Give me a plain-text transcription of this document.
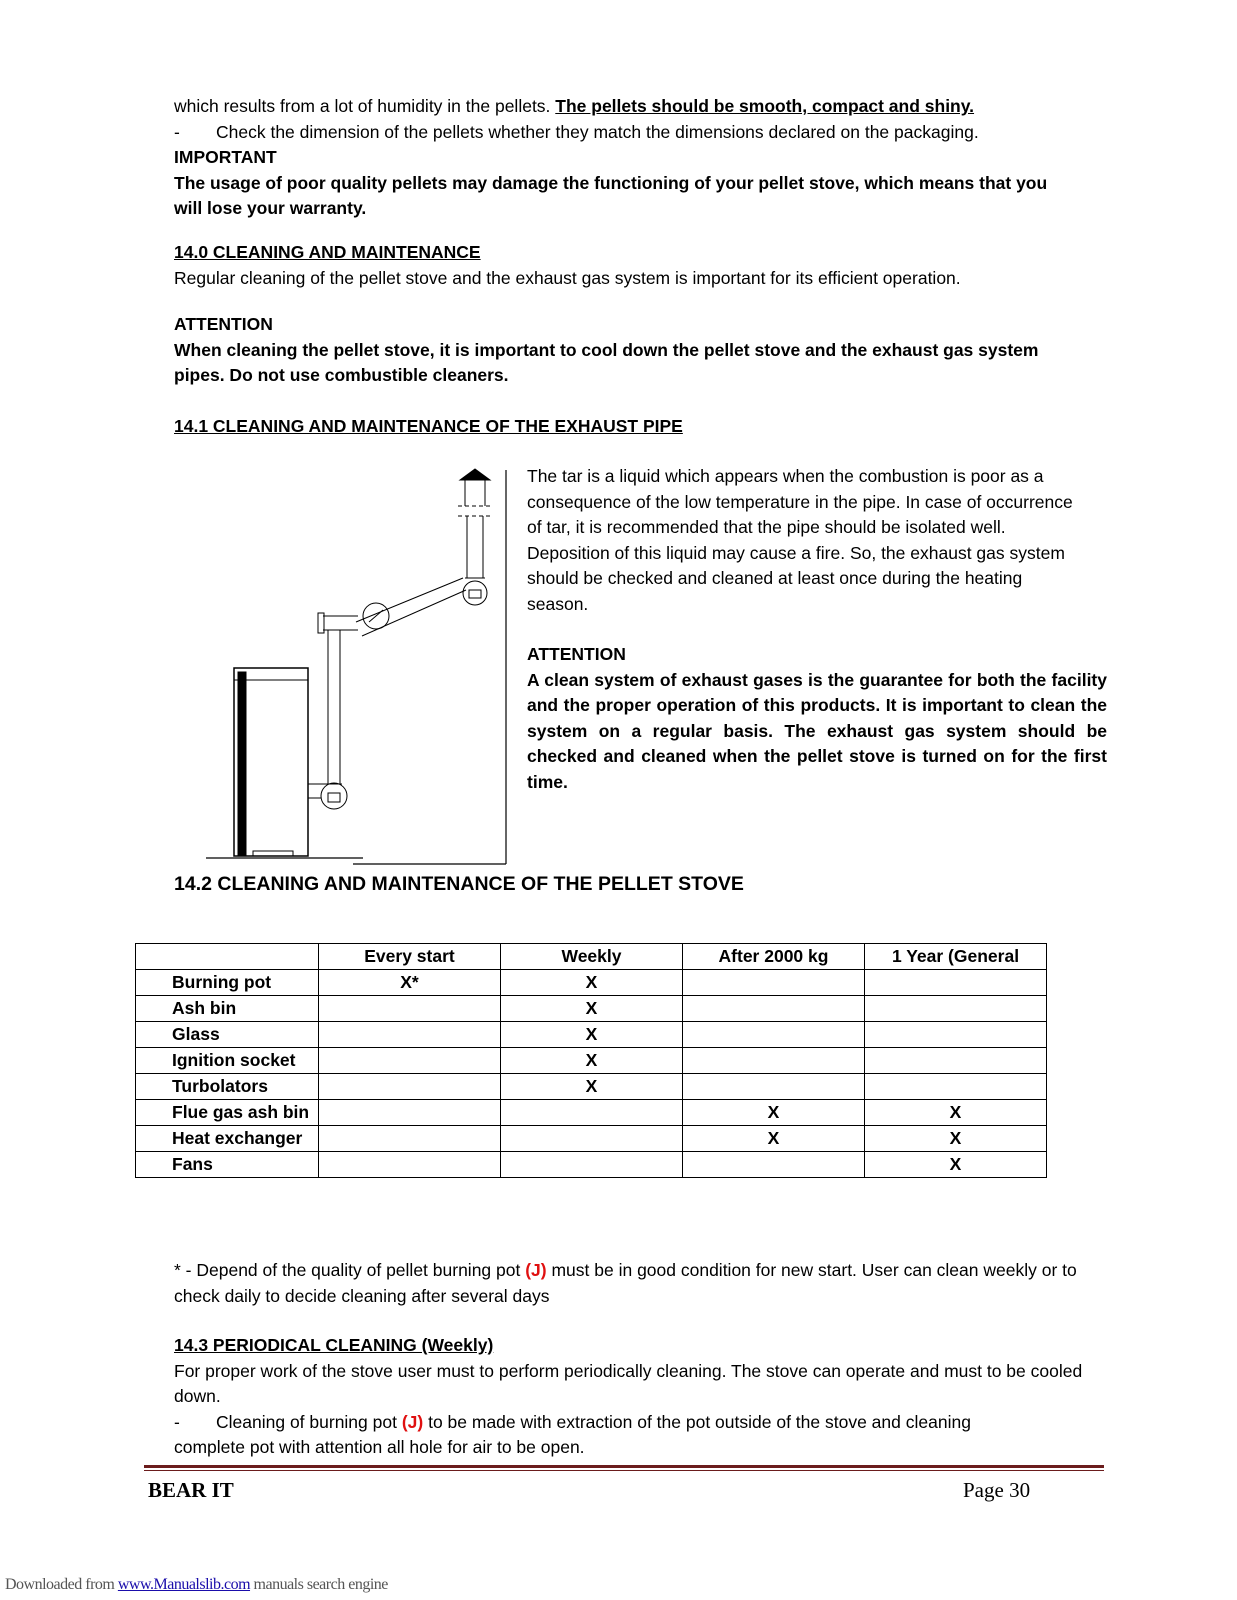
which results from a lot of humidity in the pellets. The pellets should be smooth, compact and shiny.

-	Check the dimension of the pellets whether they match the dimensions declared on the packaging.

IMPORTANT

The usage of poor quality pellets may damage the functioning of your pellet stove, which means that you will lose your warranty.

14.0 CLEANING AND MAINTENANCE

Regular cleaning of the pellet stove and the exhaust gas system is important for its efficient operation.

ATTENTION

When cleaning the pellet stove, it is important to cool down the pellet stove and the exhaust gas system pipes. Do not use combustible cleaners.

14.1 CLEANING AND MAINTENANCE OF THE EXHAUST PIPE

The tar is a liquid which appears when the combustion is poor as a consequence of the low temperature in the pipe. In case of occurrence of tar, it is recommended that the pipe should be isolated well. Deposition of this liquid may cause a fire. So, the exhaust gas system should be checked and cleaned at least once during the heating season.

ATTENTION

A clean system of exhaust gases is the guarantee for both the facility and the proper operation of this products. It is important to clean the system on a regular basis. The exhaust gas system should be checked and cleaned when the pellet stove is turned on for the first time.

14.2 CLEANING AND MAINTENANCE OF THE PELLET STOVE

	Every start	Weekly	After 2000 kg	1 Year (General
Burning pot	X*	X		
Ash bin		X		
Glass		X		
Ignition socket		X		
Turbolators		X		
Flue gas ash bin			X	X
Heat exchanger			X	X
Fans				X

* - Depend of the quality of pellet burning pot (J) must be in good condition for new start. User can clean weekly or to check daily to decide cleaning after several days

14.3 PERIODICAL CLEANING (Weekly)

For proper work of the stove user must to perform periodically cleaning. The stove can operate and must to be cooled down.

-	Cleaning of burning pot (J) to be made with extraction of the pot outside of the stove and cleaning

complete pot with attention all hole for air to be open.

BEAR IT	Page 30
Downloaded from www.Manualslib.com manuals search engine
